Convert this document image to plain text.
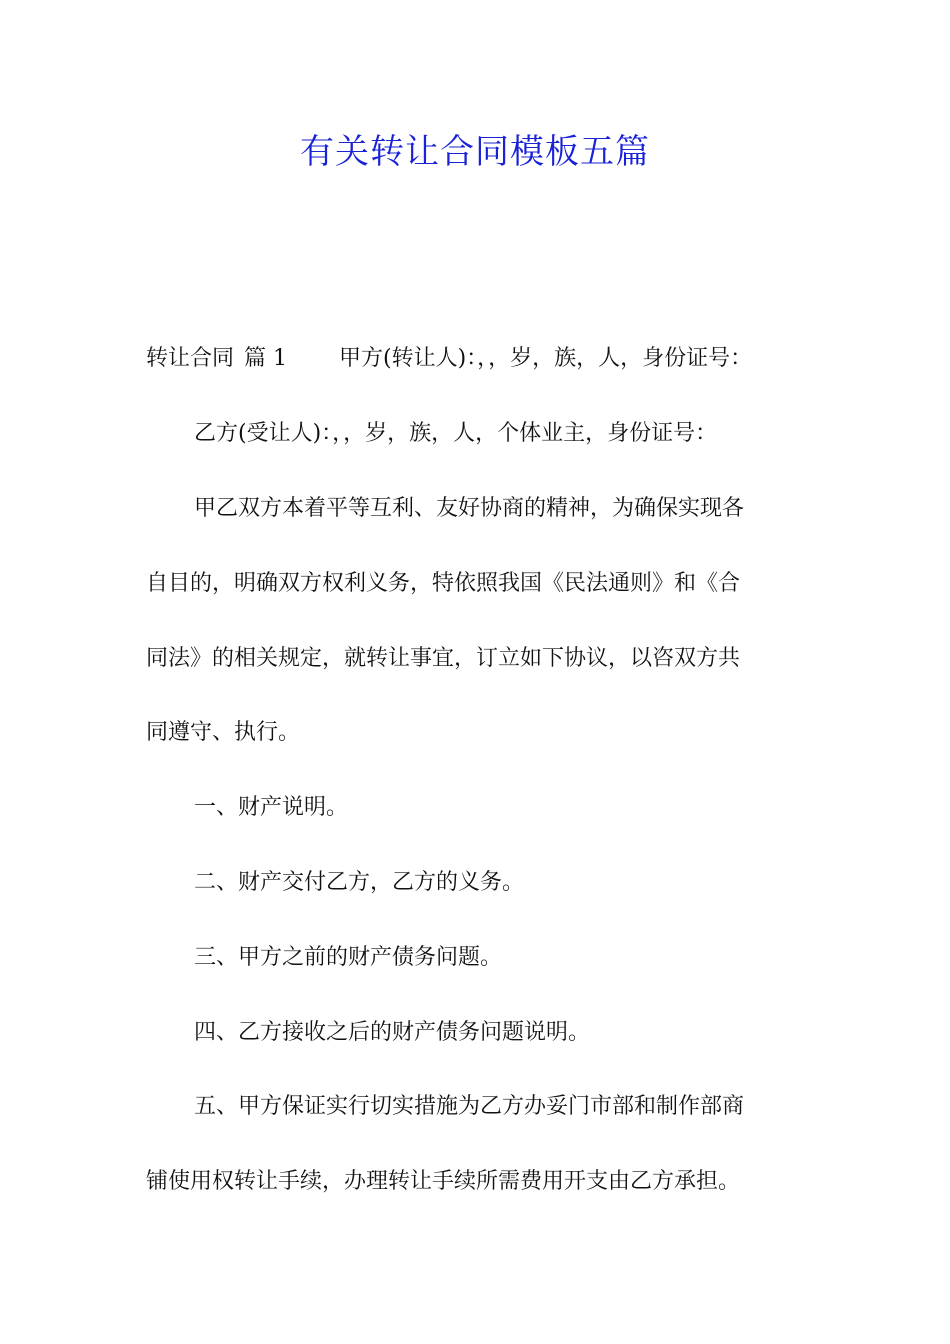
有关转让合同模板五篇

转让合同 篇 1 甲方(转让人)：，，岁，族，人，身份证号：

乙方(受让人)：，，岁，族，人，个体业主，身份证号：

甲乙双方本着平等互利、友好协商的精神，为确保实现各

自目的，明确双方权利义务，特依照我国《民法通则》和《合

同法》的相关规定，就转让事宜，订立如下协议，以咨双方共

同遵守、执行。

一、财产说明。

二、财产交付乙方，乙方的义务。

三、甲方之前的财产债务问题。

四、乙方接收之后的财产债务问题说明。

五、甲方保证实行切实措施为乙方办妥门市部和制作部商

铺使用权转让手续，办理转让手续所需费用开支由乙方承担。
